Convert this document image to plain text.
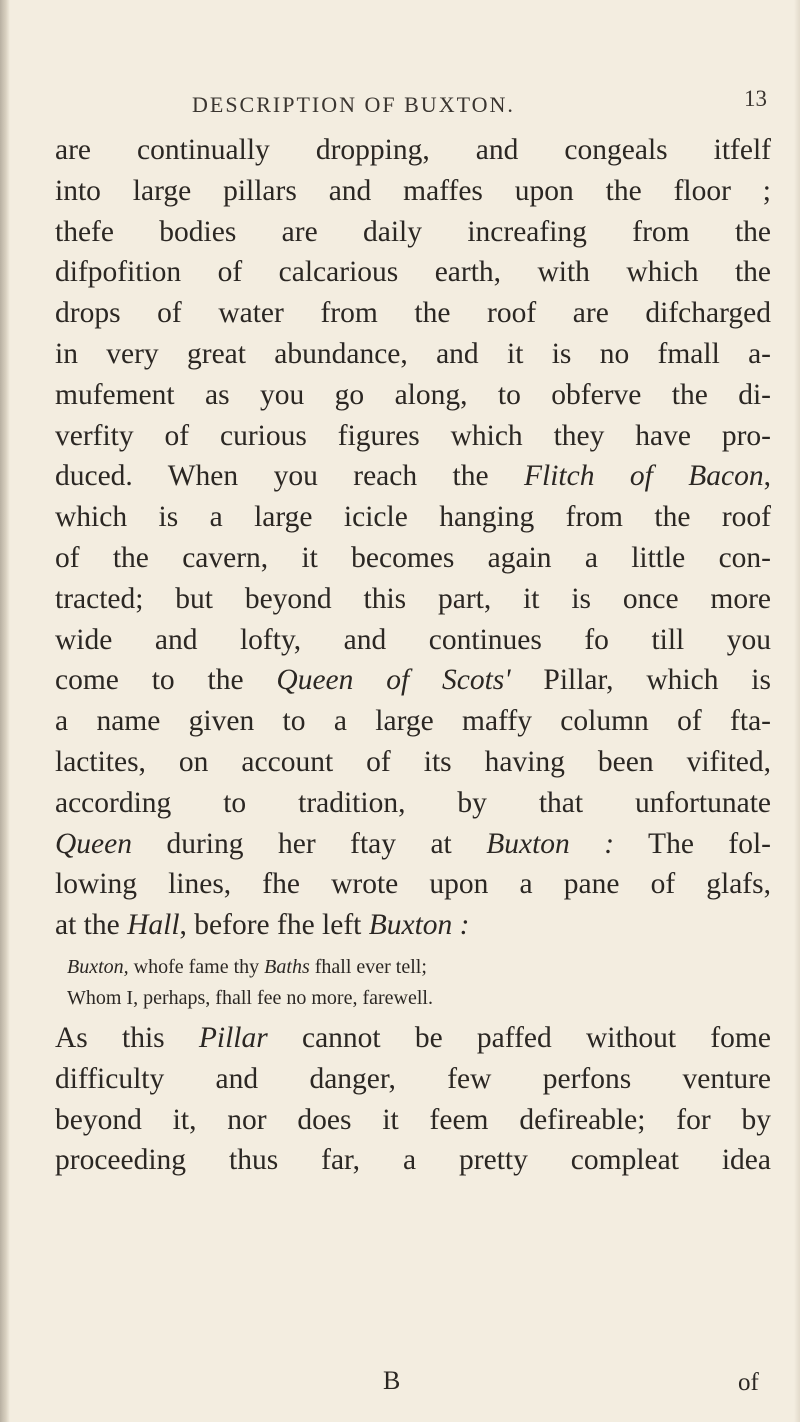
DESCRIPTION OF BUXTON.	13
are continually dropping, and congeals itfelf
into large pillars and maffes upon the floor ;
thefe bodies are daily increafing from the
difpofition of calcarious earth, with which the
drops of water from the roof are difcharged
in very great abundance, and it is no fmall a-
mufement as you go along, to obferve the di-
verfity of curious figures which they have pro-
duced. When you reach the Flitch of Bacon,
which is a large icicle hanging from the roof
of the cavern, it becomes again a little con-
tracted; but beyond this part, it is once more
wide and lofty, and continues fo till you
come to the Queen of Scots' Pillar, which is
a name given to a large maffy column of fta-
lactites, on account of its having been vifited,
according to tradition, by that unfortunate
Queen during her ftay at Buxton : The fol-
lowing lines, fhe wrote upon a pane of glafs,
at the Hall, before fhe left Buxton :
Buxton, whofe fame thy Baths fhall ever tell;
Whom I, perhaps, fhall fee no more, farewell.
As this Pillar cannot be paffed without fome
difficulty and danger, few perfons venture
beyond it, nor does it feem defireable; for by
proceeding thus far, a pretty compleat idea
B	of
